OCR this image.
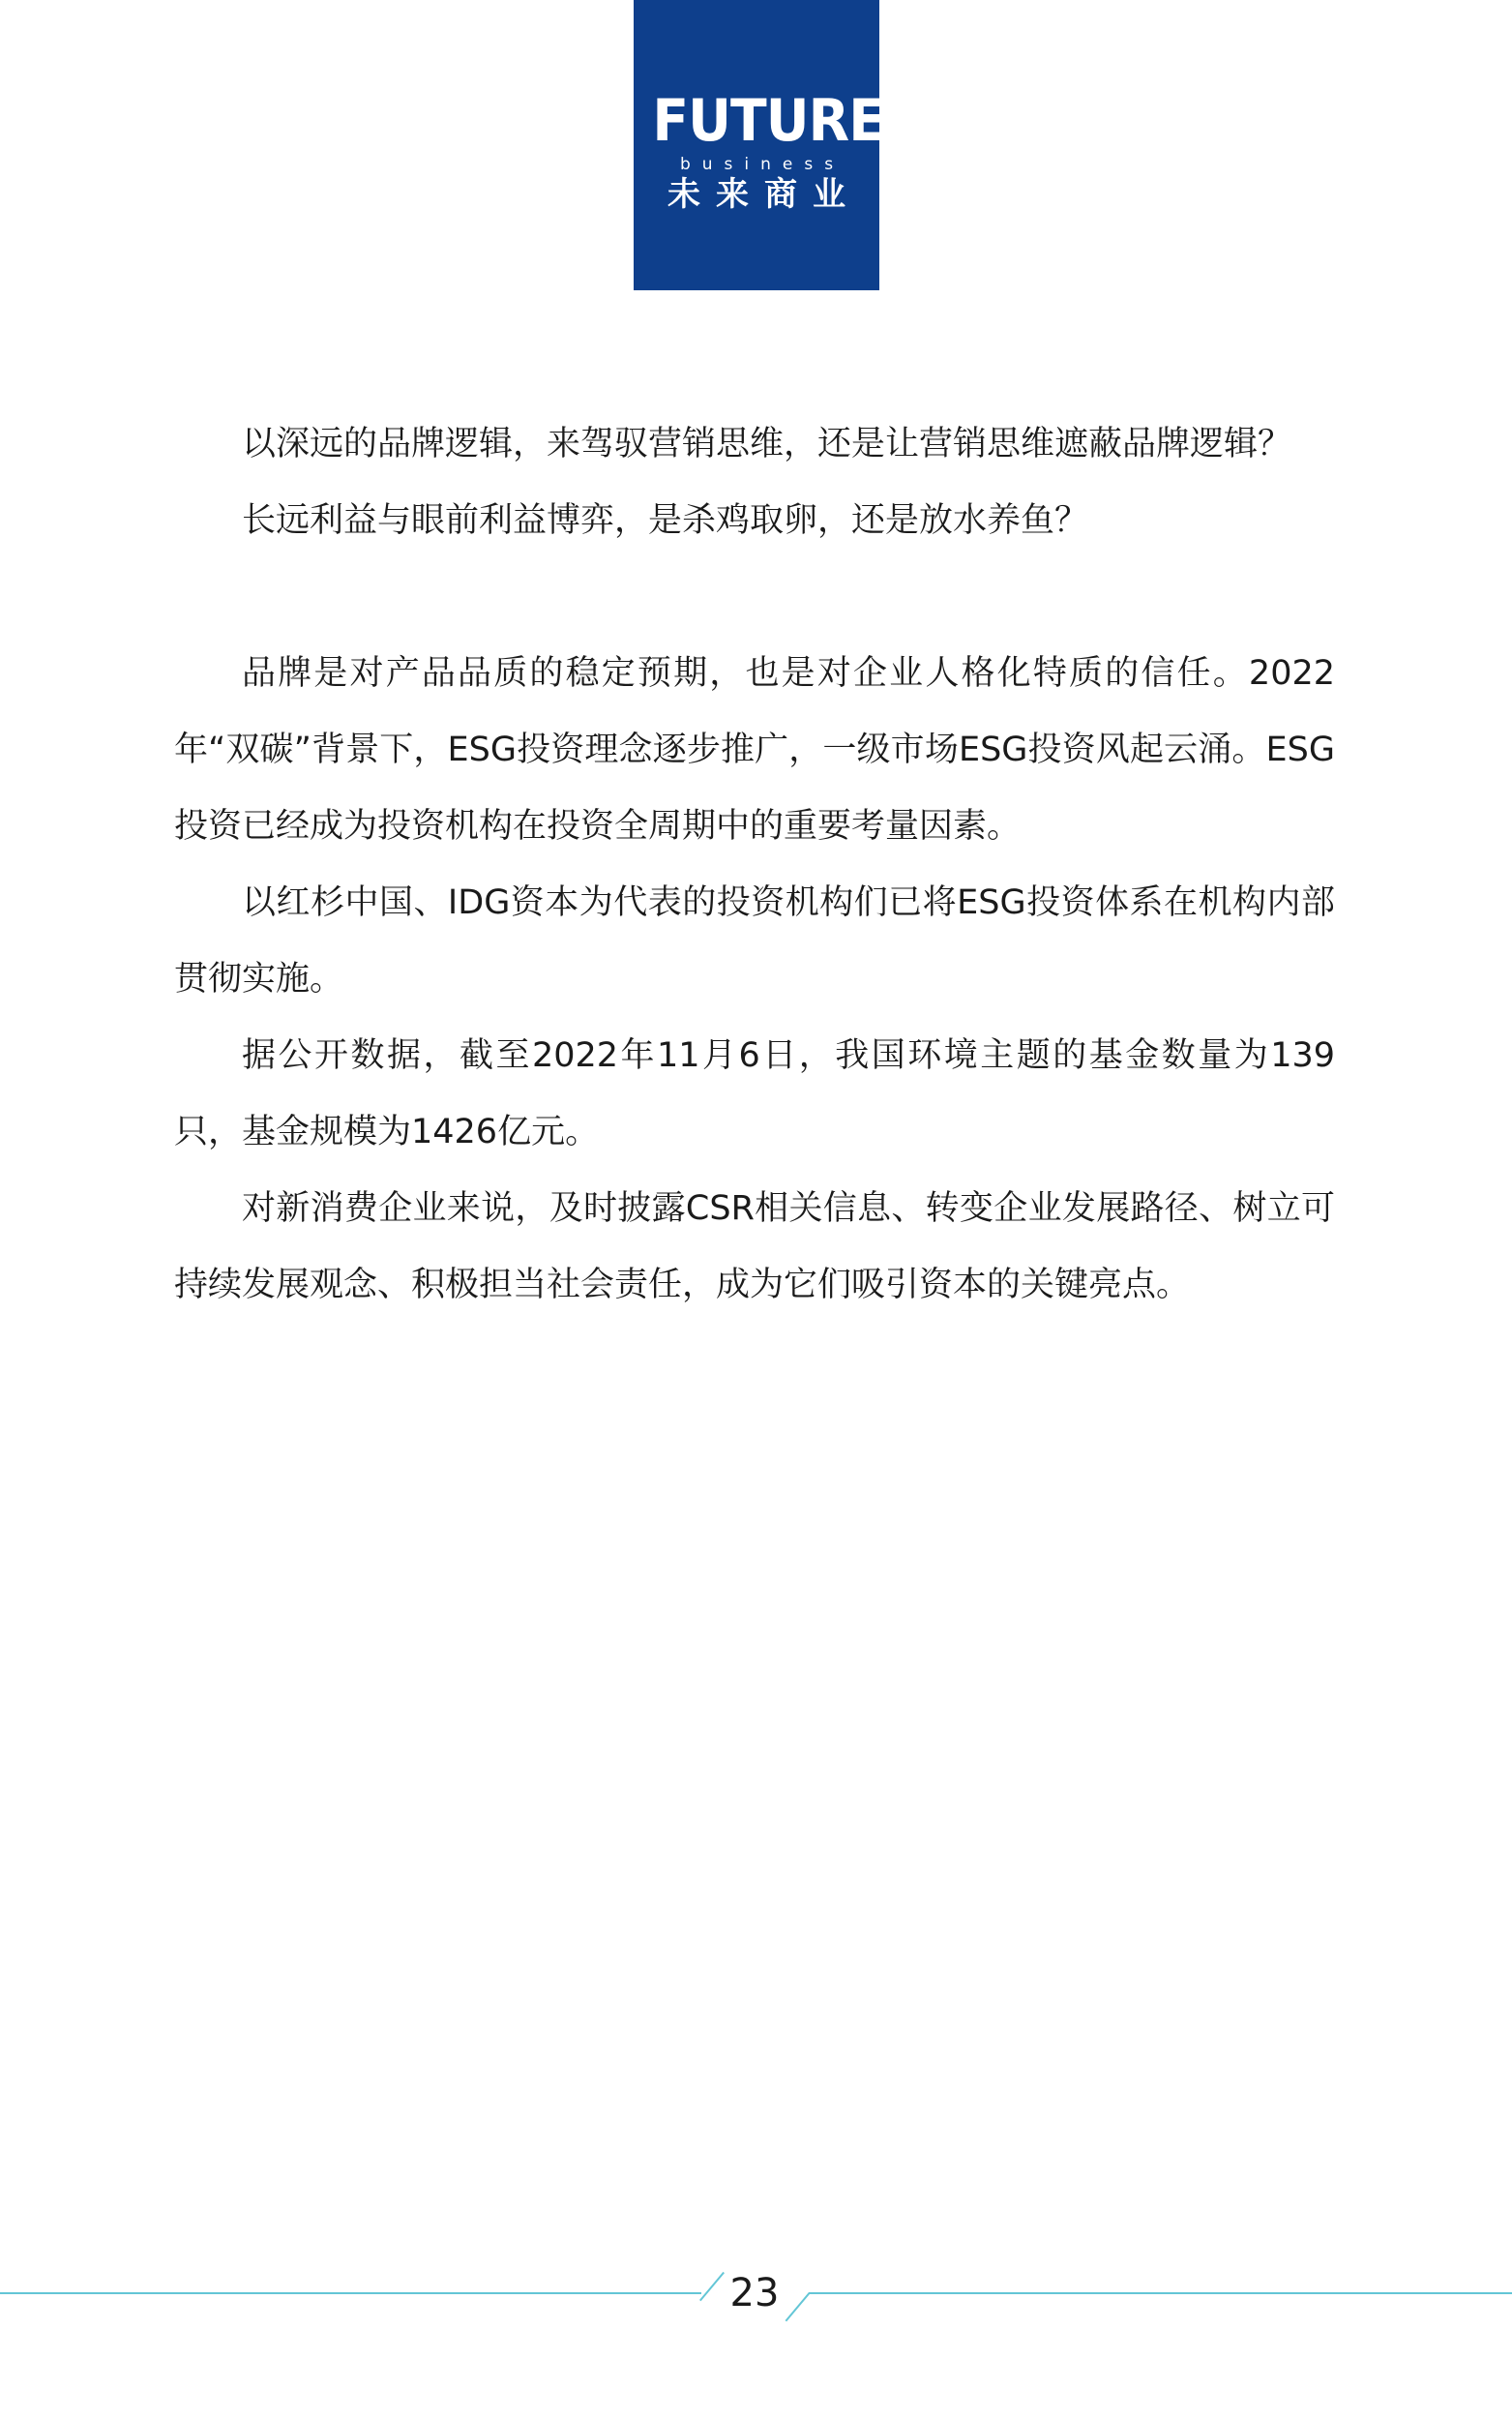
FUTURE
business
未来商业

以深远的品牌逻辑，来驾驭营销思维，还是让营销思维遮蔽品牌逻辑？

长远利益与眼前利益博弈，是杀鸡取卵，还是放水养鱼？

品牌是对产品品质的稳定预期，也是对企业人格化特质的信任。2022年“双碳”背景下，ESG投资理念逐步推广，一级市场ESG投资风起云涌。ESG投资已经成为投资机构在投资全周期中的重要考量因素。

以红杉中国、IDG资本为代表的投资机构们已将ESG投资体系在机构内部贯彻实施。

据公开数据，截至2022年11月6日，我国环境主题的基金数量为139只，基金规模为1426亿元。

对新消费企业来说，及时披露CSR相关信息、转变企业发展路径、树立可持续发展观念、积极担当社会责任，成为它们吸引资本的关键亮点。

23
